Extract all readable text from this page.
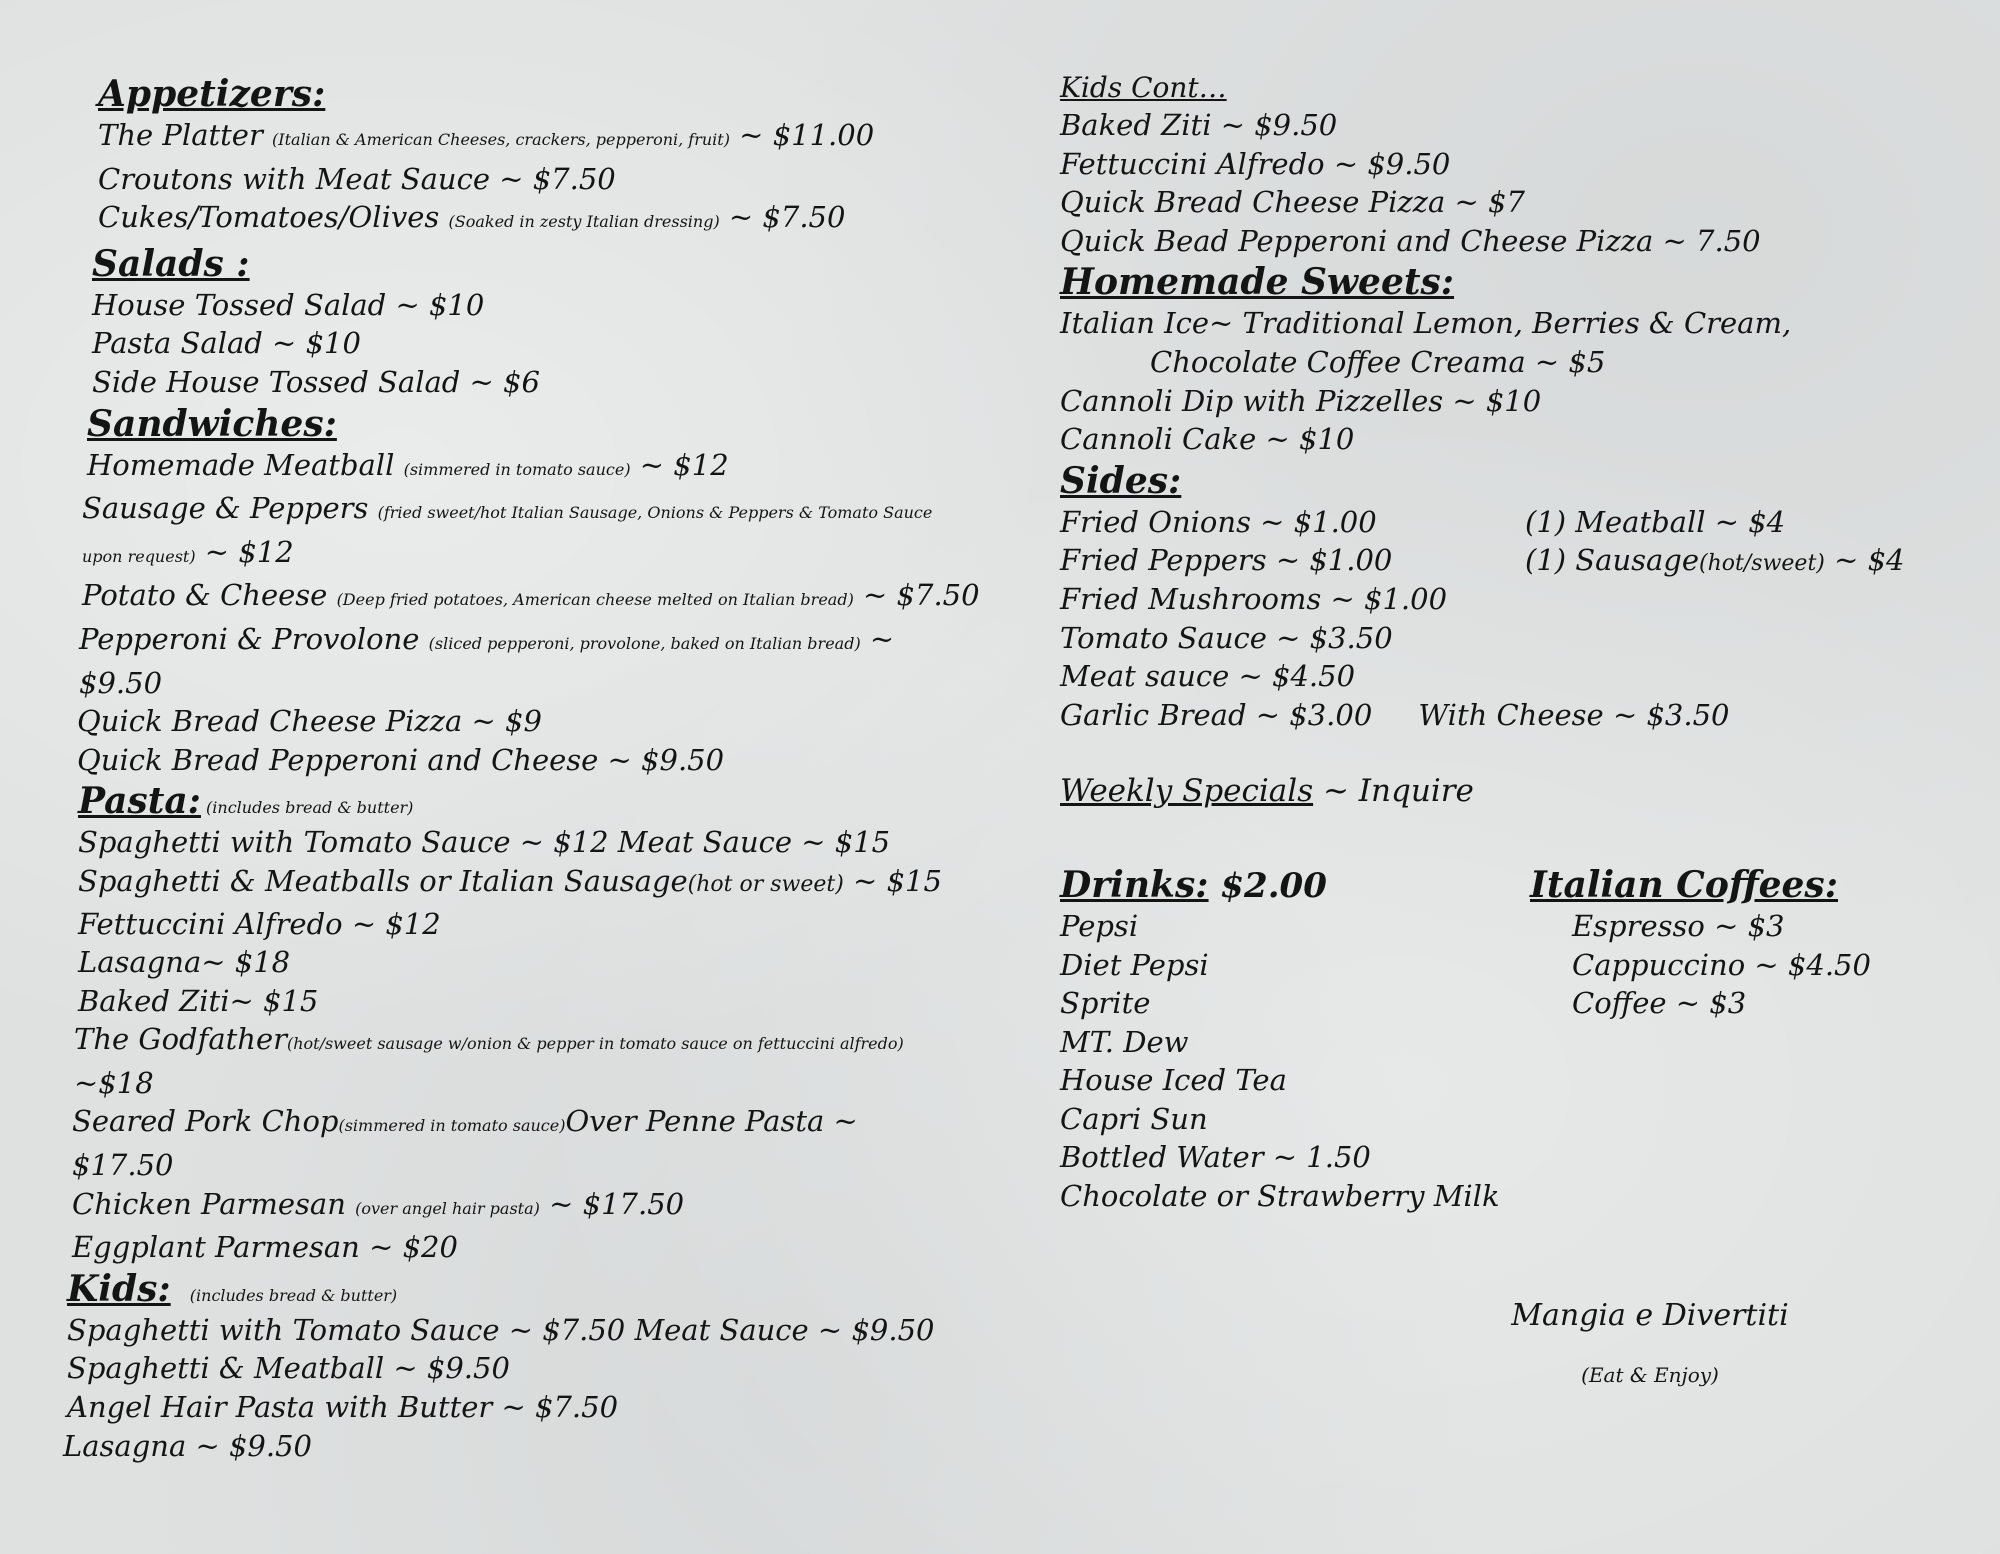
Appetizers:
The Platter (Italian & American Cheeses, crackers, pepperoni, fruit) ~ $11.00
Croutons with Meat Sauce ~ $7.50
Cukes/Tomatoes/Olives (Soaked in zesty Italian dressing) ~ $7.50
Salads :
House Tossed Salad ~ $10
Pasta Salad ~ $10
Side House Tossed Salad ~ $6
Sandwiches:
Homemade Meatball (simmered in tomato sauce) ~ $12
Sausage & Peppers (fried sweet/hot Italian Sausage, Onions & Peppers & Tomato Sauce upon request) ~ $12
Potato & Cheese (Deep fried potatoes, American cheese melted on Italian bread) ~ $7.50
Pepperoni & Provolone (sliced pepperoni, provolone, baked on Italian bread) ~ $9.50
Quick Bread Cheese Pizza ~ $9
Quick Bread Pepperoni and Cheese ~ $9.50
Pasta: (includes bread & butter)
Spaghetti with Tomato Sauce ~ $12 Meat Sauce ~ $15
Spaghetti & Meatballs or Italian Sausage(hot or sweet) ~ $15
Fettuccini Alfredo ~ $12
Lasagna~ $18
Baked Ziti~ $15
The Godfather(hot/sweet sausage w/onion & pepper in tomato sauce on fettuccini alfredo) ~$18
Seared Pork Chop(simmered in tomato sauce)Over Penne Pasta ~ $17.50
Chicken Parmesan (over angel hair pasta) ~ $17.50
Eggplant Parmesan ~ $20
Kids: (includes bread & butter)
Spaghetti with Tomato Sauce ~ $7.50 Meat Sauce ~ $9.50
Spaghetti & Meatball ~ $9.50
Angel Hair Pasta with Butter ~ $7.50
Lasagna ~ $9.50
Kids Cont…
Baked Ziti ~ $9.50
Fettuccini Alfredo ~ $9.50
Quick Bread Cheese Pizza ~ $7
Quick Bead Pepperoni and Cheese Pizza ~ 7.50
Homemade Sweets:
Italian Ice~ Traditional Lemon, Berries & Cream,
Chocolate Coffee Creama ~ $5
Cannoli Dip with Pizzelles ~ $10
Cannoli Cake ~ $10
Sides:
Fried Onions ~ $1.00
Fried Peppers ~ $1.00
Fried Mushrooms ~ $1.00
Tomato Sauce ~ $3.50
Meat sauce ~ $4.50
Garlic Bread ~ $3.00     With Cheese ~ $3.50
(1) Meatball ~ $4
(1) Sausage(hot/sweet) ~ $4
Weekly Specials ~ Inquire
Drinks: $2.00
Pepsi
Diet Pepsi
Sprite
MT. Dew
House Iced Tea
Capri Sun
Bottled Water ~ 1.50
Chocolate or Strawberry Milk
Italian Coffees:
Espresso ~ $3
Cappuccino ~ $4.50
Coffee ~ $3
Mangia e Divertiti
(Eat & Enjoy)
